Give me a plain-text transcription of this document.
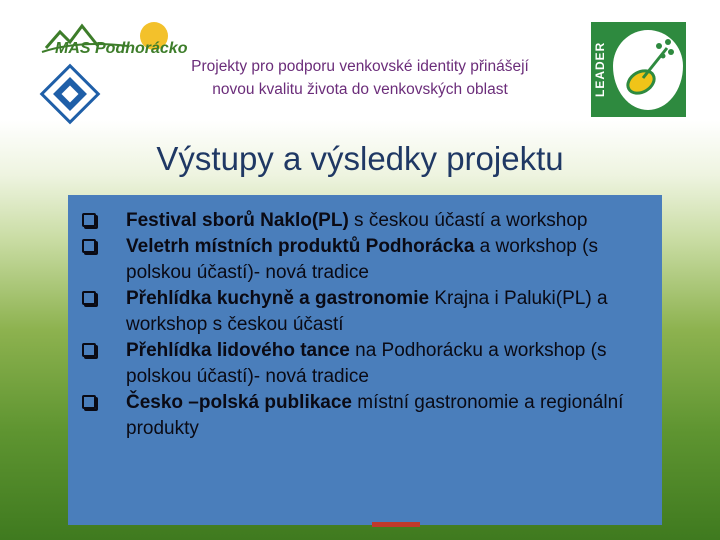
MAS Podhorácko
Projekty pro podporu venkovské identity přinášejí
novou kvalitu života do venkovských oblast	LEADER
Výstupy a výsledky projektu
Festival sborů Naklo(PL) s českou účastí a workshop
Veletrh místních produktů Podhorácka a workshop (s polskou účastí)- nová tradice
Přehlídka kuchyně a gastronomie Krajna i Paluki(PL) a workshop s českou účastí
Přehlídka lidového tance na Podhorácku a workshop (s polskou účastí)- nová tradice
Česko –polská publikace místní gastronomie a regionální produkty
